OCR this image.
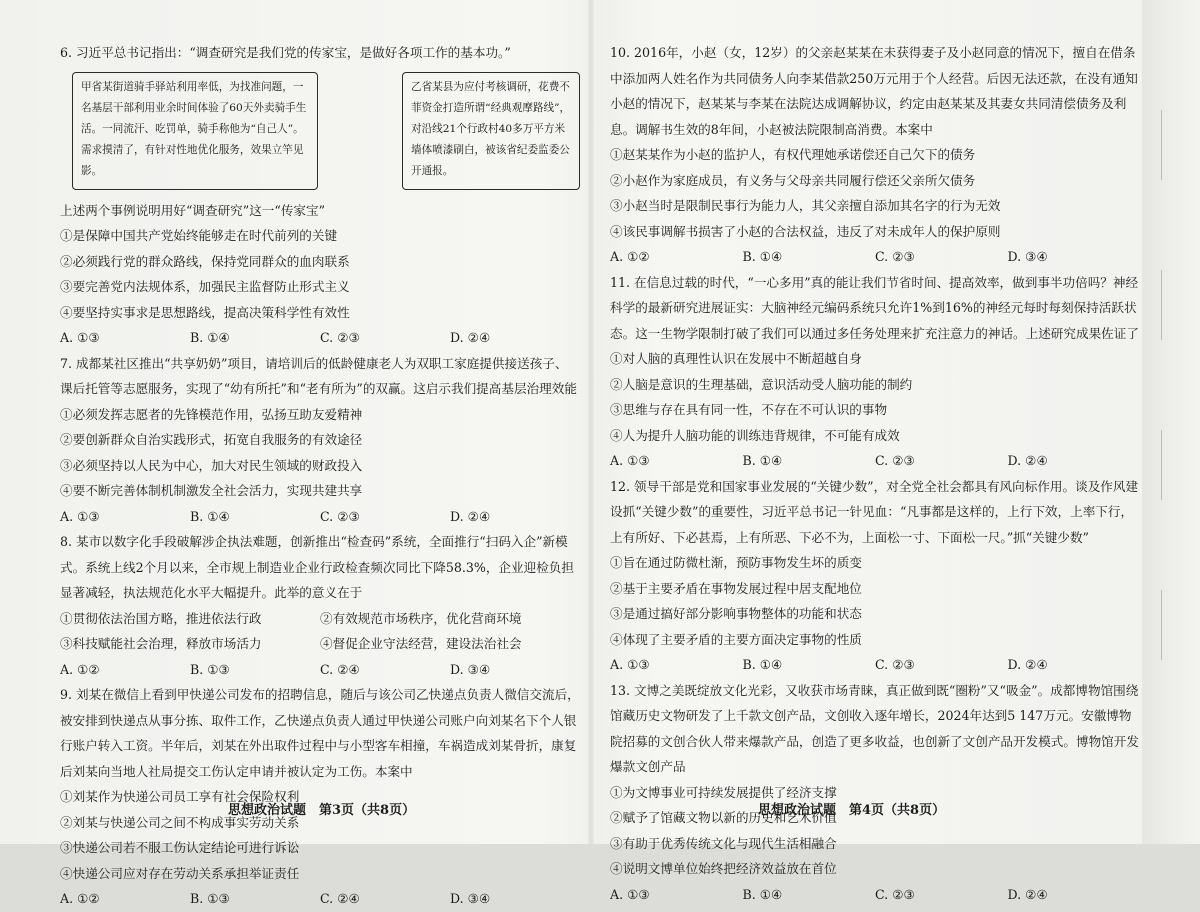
6. 习近平总书记指出：“调查研究是我们党的传家宝，是做好各项工作的基本功。”

甲省某街道骑手驿站利用率低，为找准问题，一名基层干部利用业余时间体验了60天外卖骑手生活。一同流汗、吃罚单，骑手称他为“自己人”。需求摸清了，有针对性地优化服务，效果立竿见影。
乙省某县为应付考核调研，花费不菲资金打造所谓“经典观摩路线”，对沿线21个行政村40多万平方米墙体喷漆刷白，被该省纪委监委公开通报。

上述两个事例说明用好“调查研究”这一“传家宝”

①是保障中国共产党始终能够走在时代前列的关键

②必须践行党的群众路线，保持党同群众的血肉联系

③要完善党内法规体系，加强民主监督防止形式主义

④要坚持实事求是思想路线，提高决策科学性有效性

A. ①③	B. ①④	C. ②③	D. ②④

7. 成都某社区推出“共享奶奶”项目，请培训后的低龄健康老人为双职工家庭提供接送孩子、课后托管等志愿服务，实现了“幼有所托”和“老有所为”的双赢。这启示我们提高基层治理效能

①必须发挥志愿者的先锋模范作用，弘扬互助友爱精神

②要创新群众自治实践形式，拓宽自我服务的有效途径

③必须坚持以人民为中心，加大对民生领域的财政投入

④要不断完善体制机制激发全社会活力，实现共建共享

A. ①③	B. ①④	C. ②③	D. ②④

8. 某市以数字化手段破解涉企执法难题，创新推出“检查码”系统，全面推行“扫码入企”新模式。系统上线2个月以来，全市规上制造业企业行政检查频次同比下降58.3%，企业迎检负担显著减轻，执法规范化水平大幅提升。此举的意义在于

①贯彻依法治国方略，推进依法行政	②有效规范市场秩序，优化营商环境
③科技赋能社会治理，释放市场活力	④督促企业守法经营，建设法治社会
A. ①②	B. ①③	C. ②④	D. ③④

9. 刘某在微信上看到甲快递公司发布的招聘信息，随后与该公司乙快递点负责人微信交流后，被安排到快递点从事分拣、取件工作，乙快递点负责人通过甲快递公司账户向刘某名下个人银行账户转入工资。半年后，刘某在外出取件过程中与小型客车相撞，车祸造成刘某骨折，康复后刘某向当地人社局提交工伤认定申请并被认定为工伤。本案中

①刘某作为快递公司员工享有社会保险权利

②刘某与快递公司之间不构成事实劳动关系

③快递公司若不服工伤认定结论可进行诉讼

④快递公司应对存在劳动关系承担举证责任

A. ①②	B. ①③	C. ②④	D. ③④
思想政治试题　第3页（共8页）

10. 2016年，小赵（女，12岁）的父亲赵某某在未获得妻子及小赵同意的情况下，擅自在借条中添加两人姓名作为共同债务人向李某借款250万元用于个人经营。后因无法还款，在没有通知小赵的情况下，赵某某与李某在法院达成调解协议，约定由赵某某及其妻女共同清偿债务及利息。调解书生效的8年间，小赵被法院限制高消费。本案中

①赵某某作为小赵的监护人，有权代理她承诺偿还自己欠下的债务

②小赵作为家庭成员，有义务与父母亲共同履行偿还父亲所欠债务

③小赵当时是限制民事行为能力人，其父亲擅自添加其名字的行为无效

④该民事调解书损害了小赵的合法权益，违反了对未成年人的保护原则

A. ①②	B. ①④	C. ②③	D. ③④

11. 在信息过载的时代，“一心多用”真的能让我们节省时间、提高效率，做到事半功倍吗？神经科学的最新研究进展证实：大脑神经元编码系统只允许1%到16%的神经元每时每刻保持活跃状态。这一生物学限制打破了我们可以通过多任务处理来扩充注意力的神话。上述研究成果佐证了

①对人脑的真理性认识在发展中不断超越自身

②人脑是意识的生理基础，意识活动受人脑功能的制约

③思维与存在具有同一性，不存在不可认识的事物

④人为提升人脑功能的训练违背规律，不可能有成效

A. ①③	B. ①④	C. ②③	D. ②④

12. 领导干部是党和国家事业发展的“关键少数”，对全党全社会都具有风向标作用。谈及作风建设抓“关键少数”的重要性，习近平总书记一针见血：“凡事都是这样的，上行下效，上率下行，上有所好、下必甚焉，上有所恶、下必不为，上面松一寸、下面松一尺。”抓“关键少数”

①旨在通过防微杜渐，预防事物发生坏的质变

②基于主要矛盾在事物发展过程中居支配地位

③是通过搞好部分影响事物整体的功能和状态

④体现了主要矛盾的主要方面决定事物的性质

A. ①③	B. ①④	C. ②③	D. ②④

13. 文博之美既绽放文化光彩，又收获市场青睐，真正做到既“圈粉”又“吸金”。成都博物馆围绕馆藏历史文物研发了上千款文创产品，文创收入逐年增长，2024年达到5 147万元。安徽博物院招募的文创合伙人带来爆款产品，创造了更多收益，也创新了文创产品开发模式。博物馆开发爆款文创产品

①为文博事业可持续发展提供了经济支撑

②赋予了馆藏文物以新的历史和艺术价值

③有助于优秀传统文化与现代生活相融合

④说明文博单位始终把经济效益放在首位

A. ①③	B. ①④	C. ②③	D. ②④
思想政治试题　第4页（共8页）
